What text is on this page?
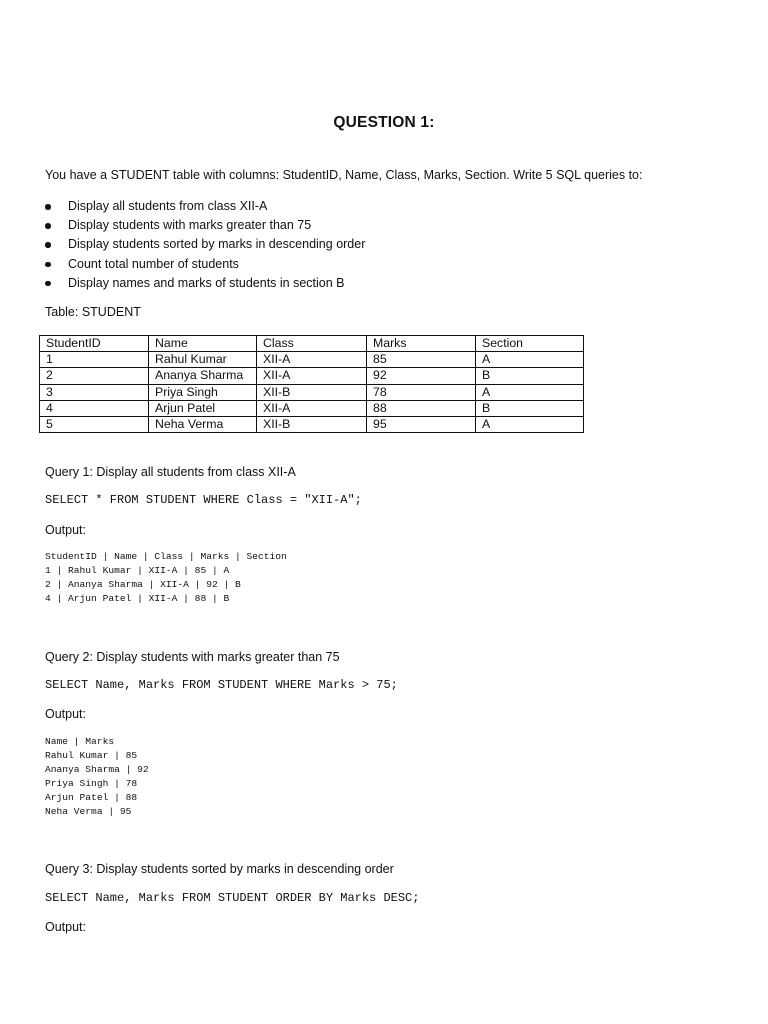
QUESTION 1:
You have a STUDENT table with columns: StudentID, Name, Class, Marks, Section. Write 5 SQL queries to:
Display all students from class XII-A
Display students with marks greater than 75
Display students sorted by marks in descending order
Count total number of students
Display names and marks of students in section B
Table: STUDENT
StudentID	Name	Class	Marks	Section
1	Rahul Kumar	XII-A	85	A
2	Ananya Sharma	XII-A	92	B
3	Priya Singh	XII-B	78	A
4	Arjun Patel	XII-A	88	B
5	Neha Verma	XII-B	95	A
Query 1: Display all students from class XII-A
SELECT * FROM STUDENT WHERE Class = "XII-A";
Output:
StudentID | Name | Class | Marks | Section
1 | Rahul Kumar | XII-A | 85 | A
2 | Ananya Sharma | XII-A | 92 | B
4 | Arjun Patel | XII-A | 88 | B
Query 2: Display students with marks greater than 75
SELECT Name, Marks FROM STUDENT WHERE Marks > 75;
Output:
Name | Marks
Rahul Kumar | 85
Ananya Sharma | 92
Priya Singh | 78
Arjun Patel | 88
Neha Verma | 95
Query 3: Display students sorted by marks in descending order
SELECT Name, Marks FROM STUDENT ORDER BY Marks DESC;
Output:
